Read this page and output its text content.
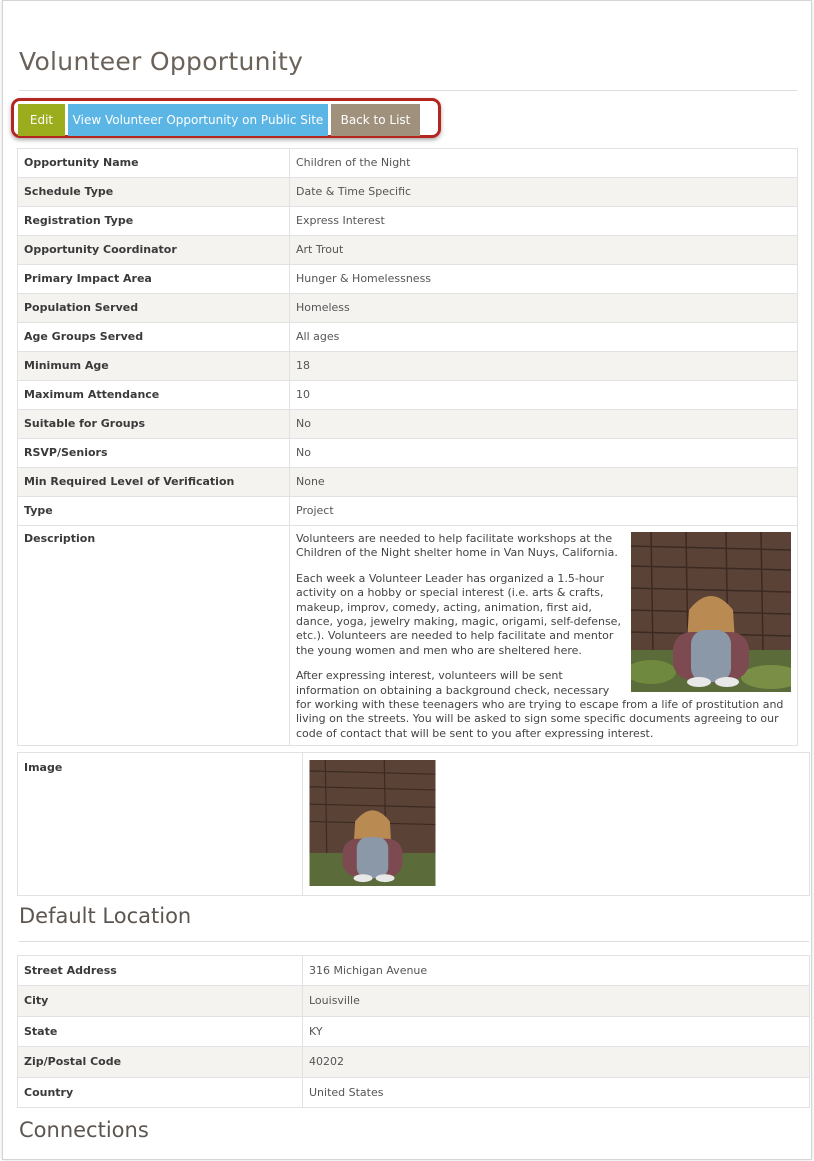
Volunteer Opportunity
Edit	View Volunteer Opportunity on Public Site	Back to List
Opportunity Name	Children of the Night

Schedule Type	Date & Time Specific

Registration Type	Express Interest

Opportunity Coordinator	Art Trout

Primary Impact Area	Hunger & Homelessness

Population Served	Homeless

Age Groups Served	All ages

Minimum Age	18

Maximum Attendance	10

Suitable for Groups	No

RSVP/Seniors	No

Min Required Level of Verification	None

Type	Project

Description	Volunteers are needed to help facilitate workshops at the Children of the Night shelter home in Van Nuys, California.

Each week a Volunteer Leader has organized a 1.5-hour activity on a hobby or special interest (i.e. arts & crafts, makeup, improv, comedy, acting, animation, first aid, dance, yoga, jewelry making, magic, origami, self-defense, etc.). Volunteers are needed to help facilitate and mentor the young women and men who are sheltered here.

After expressing interest, volunteers will be sent information on obtaining a background check, necessary for working with these teenagers who are trying to escape from a life of prostitution and living on the streets. You will be asked to sign some specific documents agreeing to our code of contact that will be sent to you after expressing interest.

Image

Default Location
Street Address	316 Michigan Avenue

City	Louisville

State	KY

Zip/Postal Code	40202

Country	United States
Connections
